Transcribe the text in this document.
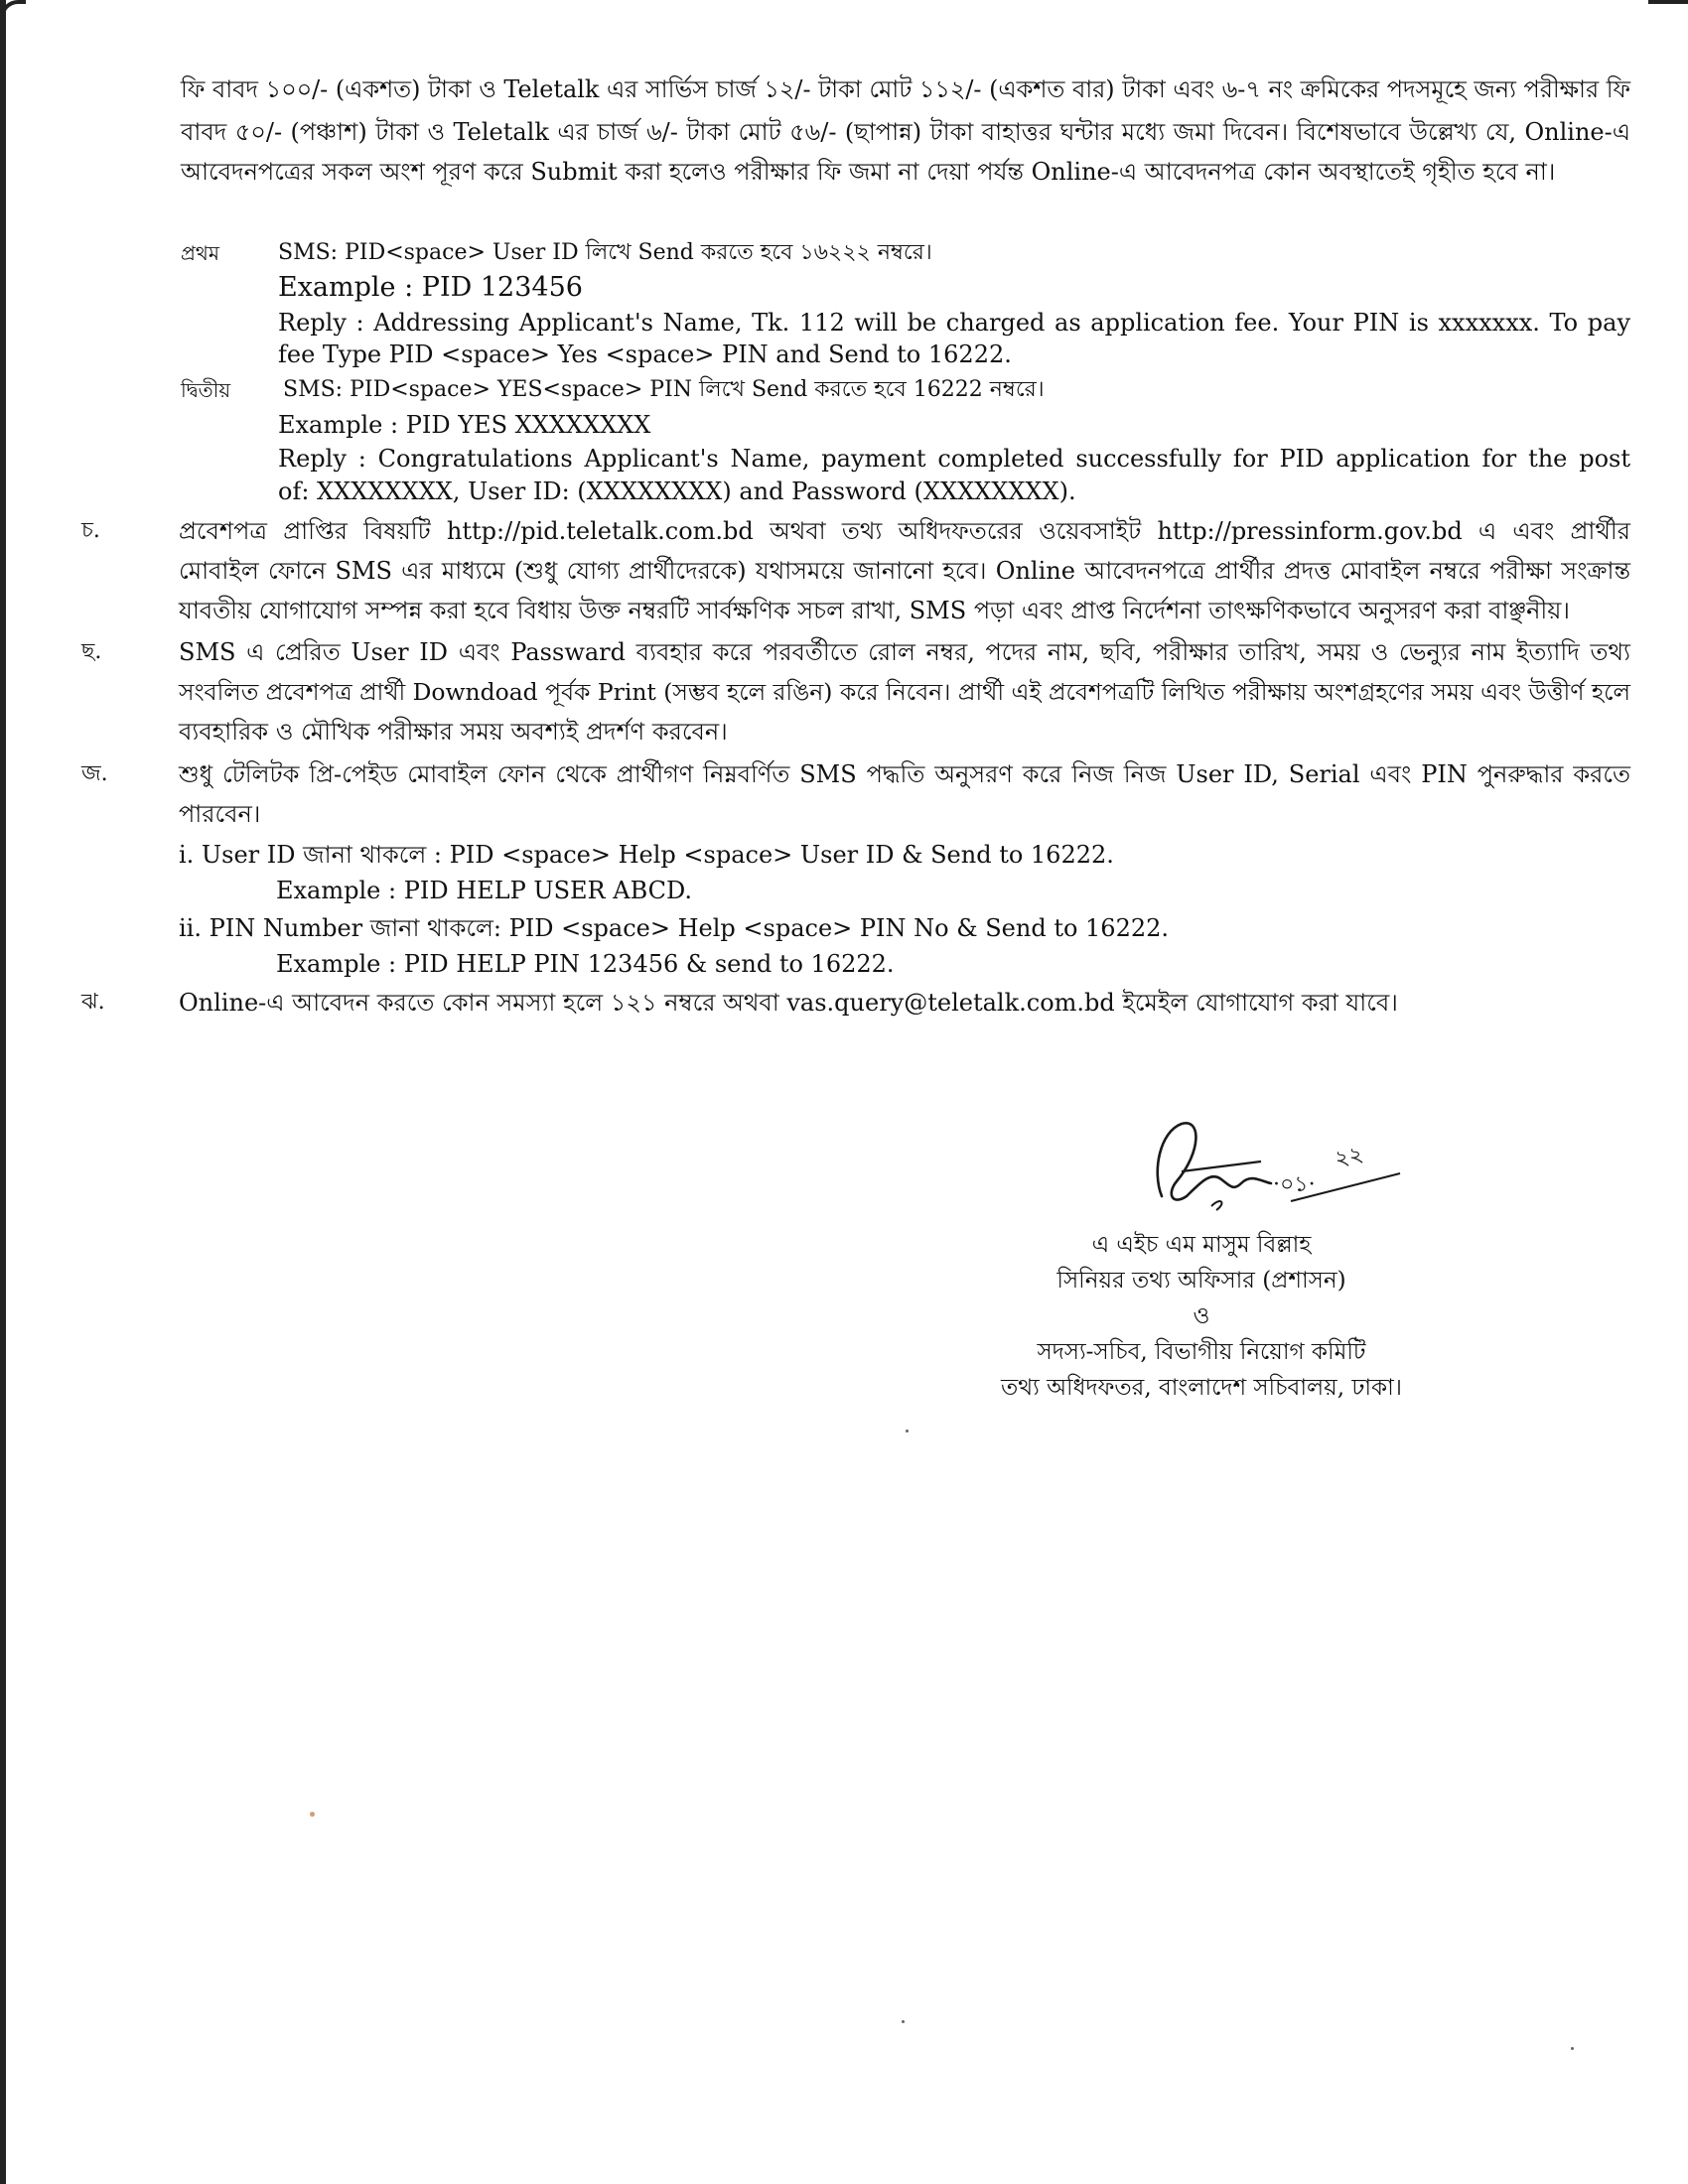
ফি বাবদ ১০০/- (একশত) টাকা ও Teletalk এর সার্ভিস চার্জ ১২/- টাকা মোট ১১২/- (একশত বার) টাকা এবং ৬-৭ নং ক্রমিকের পদসমূহে জন্য পরীক্ষার ফি
বাবদ ৫০/- (পঞ্চাশ) টাকা ও Teletalk এর চার্জ ৬/- টাকা মোট ৫৬/- (ছাপান্ন) টাকা বাহাত্তর ঘন্টার মধ্যে জমা দিবেন। বিশেষভাবে উল্লেখ্য যে, Online-এ
আবেদনপত্রের সকল অংশ পূরণ করে Submit করা হলেও পরীক্ষার ফি জমা না দেয়া পর্যন্ত Online-এ আবেদনপত্র কোন অবস্থাতেই গৃহীত হবে না।
প্রথম	SMS: PID<space> User ID লিখে Send করতে হবে ১৬২২২ নম্বরে।
Example : PID 123456
Reply : Addressing Applicant's Name, Tk. 112 will be charged as application fee. Your PIN is xxxxxxx. To pay
fee Type PID <space> Yes <space> PIN and Send to 16222.
দ্বিতীয় SMS: PID<space> YES<space> PIN লিখে Send করতে হবে 16222 নম্বরে।
Example : PID YES XXXXXXXX
Reply : Congratulations Applicant's Name, payment completed successfully for PID application for the post
of: XXXXXXXX, User ID: (XXXXXXXX) and Password (XXXXXXXX).
চ.	প্রবেশপত্র প্রাপ্তির বিষয়টি http://pid.teletalk.com.bd অথবা তথ্য অধিদফতরের ওয়েবসাইট http://pressinform.gov.bd এ এবং প্রার্থীর
মোবাইল ফোনে SMS এর মাধ্যমে (শুধু যোগ্য প্রার্থীদেরকে) যথাসময়ে জানানো হবে। Online আবেদনপত্রে প্রার্থীর প্রদত্ত মোবাইল নম্বরে পরীক্ষা সংক্রান্ত
যাবতীয় যোগাযোগ সম্পন্ন করা হবে বিধায় উক্ত নম্বরটি সার্বক্ষণিক সচল রাখা, SMS পড়া এবং প্রাপ্ত নির্দেশনা তাৎক্ষণিকভাবে অনুসরণ করা বাঞ্ছনীয়।
ছ.	SMS এ প্রেরিত User ID এবং Passward ব্যবহার করে পরবর্তীতে রোল নম্বর, পদের নাম, ছবি, পরীক্ষার তারিখ, সময় ও ভেন্যুর নাম ইত্যাদি তথ্য
সংবলিত প্রবেশপত্র প্রার্থী Downdoad পূর্বক Print (সম্ভব হলে রঙিন) করে নিবেন। প্রার্থী এই প্রবেশপত্রটি লিখিত পরীক্ষায় অংশগ্রহণের সময় এবং উত্তীর্ণ হলে
ব্যবহারিক ও মৌখিক পরীক্ষার সময় অবশ্যই প্রদর্শণ করবেন।
জ.	শুধু টেলিটক প্রি-পেইড মোবাইল ফোন থেকে প্রার্থীগণ নিম্নবর্ণিত SMS পদ্ধতি অনুসরণ করে নিজ নিজ User ID, Serial এবং PIN পুনরুদ্ধার করতে
পারবেন।
i. User ID জানা থাকলে : PID <space> Help <space> User ID & Send to 16222.
Example : PID HELP USER ABCD.
ii. PIN Number জানা থাকলে: PID <space> Help <space> PIN No & Send to 16222.
Example : PID HELP PIN 123456 & send to 16222.
ঝ.	Online-এ আবেদন করতে কোন সমস্যা হলে ১২১ নম্বরে অথবা vas.query@teletalk.com.bd ইমেইল যোগাযোগ করা যাবে।
·০১·
২২
এ এইচ এম মাসুম বিল্লাহ
সিনিয়র তথ্য অফিসার (প্রশাসন)
ও
সদস্য-সচিব, বিভাগীয় নিয়োগ কমিটি
তথ্য অধিদফতর, বাংলাদেশ সচিবালয়, ঢাকা।
